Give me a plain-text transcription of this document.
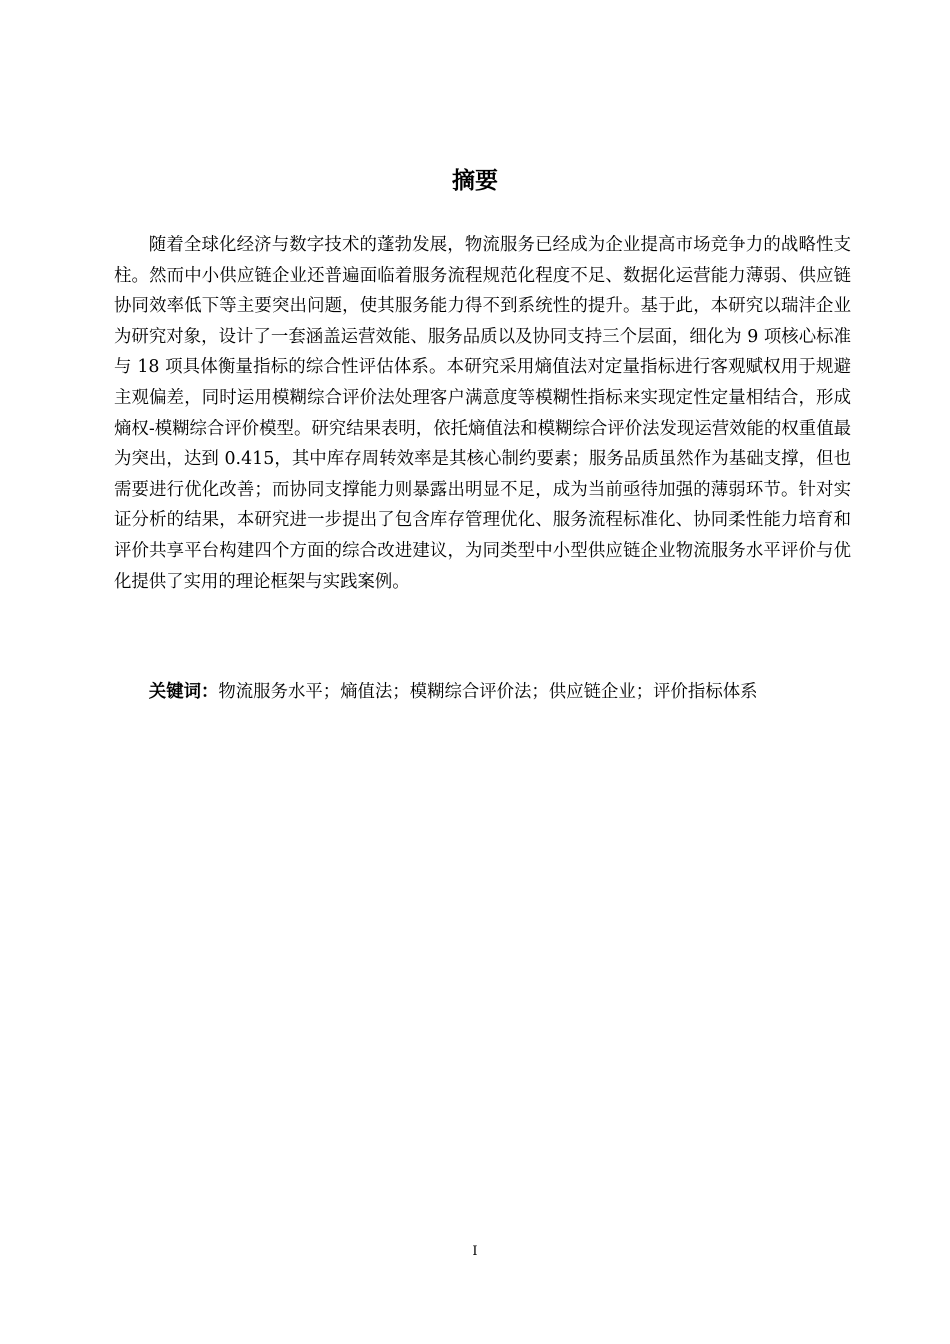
摘要

随着全球化经济与数字技术的蓬勃发展，物流服务已经成为企业提高市场竞争力的战略性支柱。然而中小供应链企业还普遍面临着服务流程规范化程度不足、数据化运营能力薄弱、供应链协同效率低下等主要突出问题，使其服务能力得不到系统性的提升。基于此，本研究以瑞沣企业为研究对象，设计了一套涵盖运营效能、服务品质以及协同支持三个层面，细化为 9 项核心标准与 18 项具体衡量指标的综合性评估体系。本研究采用熵值法对定量指标进行客观赋权用于规避主观偏差，同时运用模糊综合评价法处理客户满意度等模糊性指标来实现定性定量相结合，形成熵权-模糊综合评价模型。研究结果表明，依托熵值法和模糊综合评价法发现运营效能的权重值最为突出，达到 0.415，其中库存周转效率是其核心制约要素；服务品质虽然作为基础支撑，但也需要进行优化改善；而协同支撑能力则暴露出明显不足，成为当前亟待加强的薄弱环节。针对实证分析的结果，本研究进一步提出了包含库存管理优化、服务流程标准化、协同柔性能力培育和评价共享平台构建四个方面的综合改进建议，为同类型中小型供应链企业物流服务水平评价与优化提供了实用的理论框架与实践案例。

关键词：物流服务水平；熵值法；模糊综合评价法；供应链企业；评价指标体系

I
